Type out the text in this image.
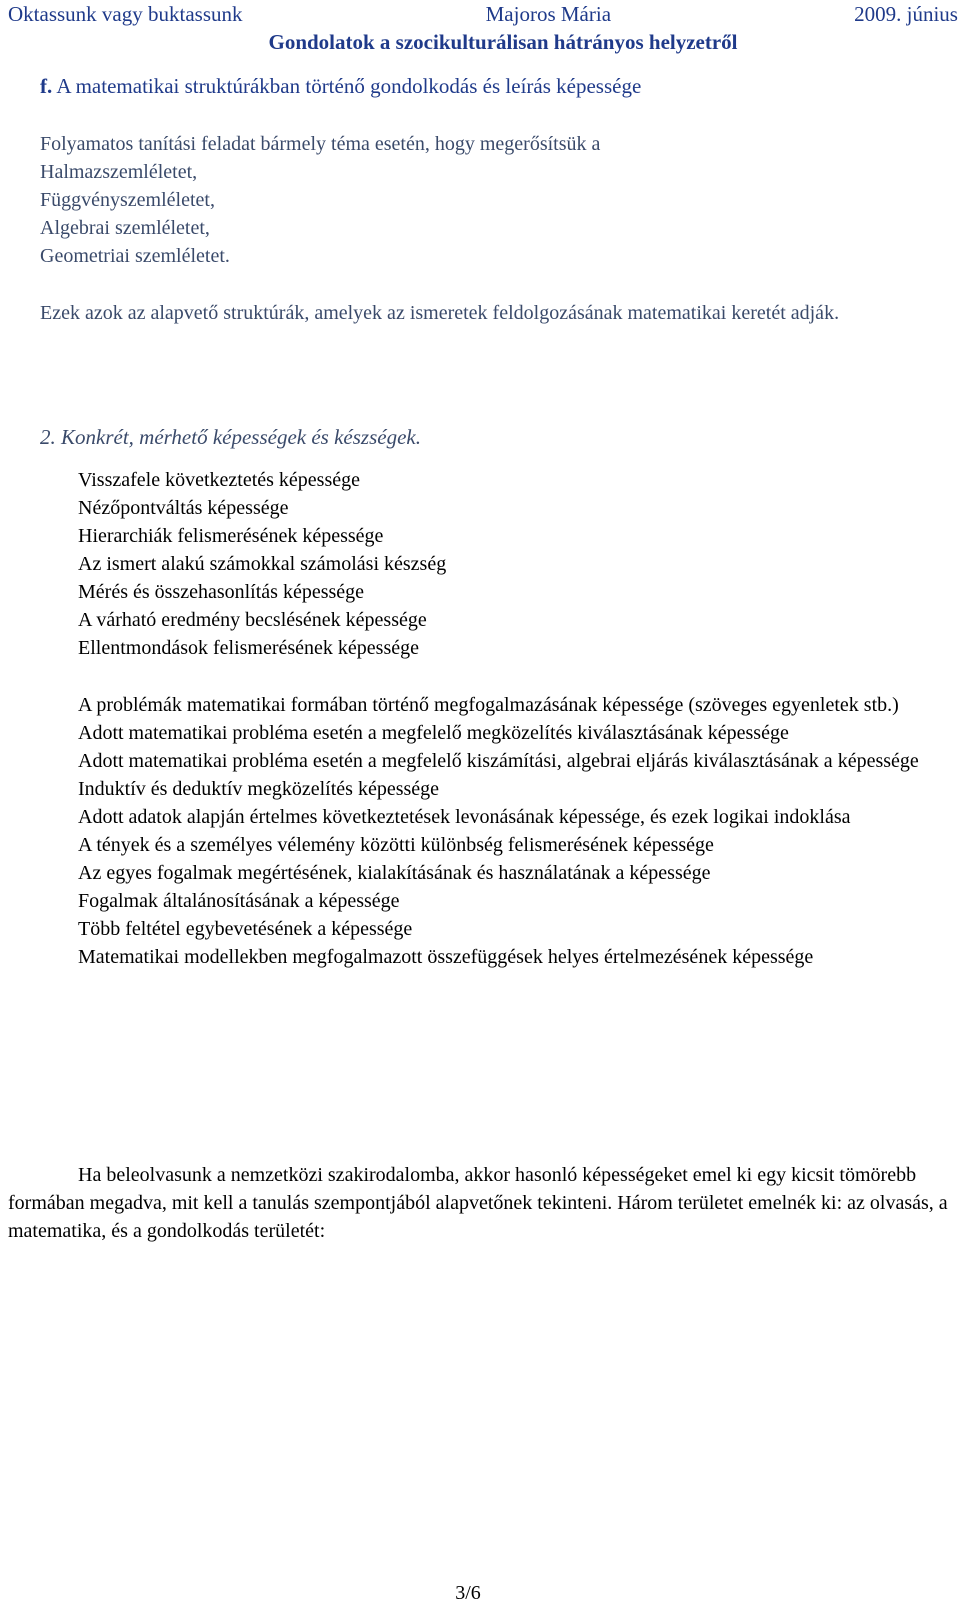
Oktassunk vagy buktassunk	Majoros Mária	2009. június
Gondolatok a szocikulturálisan hátrányos helyzetről
f. A matematikai struktúrákban történő gondolkodás és leírás képessége

Folyamatos tanítási feladat bármely téma esetén, hogy megerősítsük a

Halmazszemléletet,
Függvényszemléletet,
Algebrai szemléletet,
Geometriai szemléletet.

Ezek azok az alapvető struktúrák, amelyek az ismeretek feldolgozásának matematikai keretét adják.

2. Konkrét, mérhető képességek és készségek.
Visszafele következtetés képessége
Nézőpontváltás képessége
Hierarchiák felismerésének képessége
Az ismert alakú számokkal számolási készség
Mérés és összehasonlítás képessége
A várható eredmény becslésének képessége
Ellentmondások felismerésének képessége
A problémák matematikai formában történő megfogalmazásának képessége (szöveges egyenletek stb.)
Adott matematikai probléma esetén a megfelelő megközelítés kiválasztásának képessége
Adott matematikai probléma esetén a megfelelő kiszámítási, algebrai eljárás kiválasztásának a képessége
Induktív és deduktív megközelítés képessége
Adott adatok alapján értelmes következtetések levonásának képessége, és ezek logikai indoklása
A tények és a személyes vélemény közötti különbség felismerésének képessége
Az egyes fogalmak megértésének, kialakításának és használatának a képessége
Fogalmak általánosításának a képessége
Több feltétel egybevetésének a képessége
Matematikai modellekben megfogalmazott összefüggések helyes értelmezésének képessége

Ha beleolvasunk a nemzetközi szakirodalomba, akkor hasonló képességeket emel ki egy kicsit tömörebb formában megadva, mit kell a tanulás szempontjából alapvetőnek tekinteni. Három területet emelnék ki: az olvasás, a matematika, és a gondolkodás területét:

3/6
